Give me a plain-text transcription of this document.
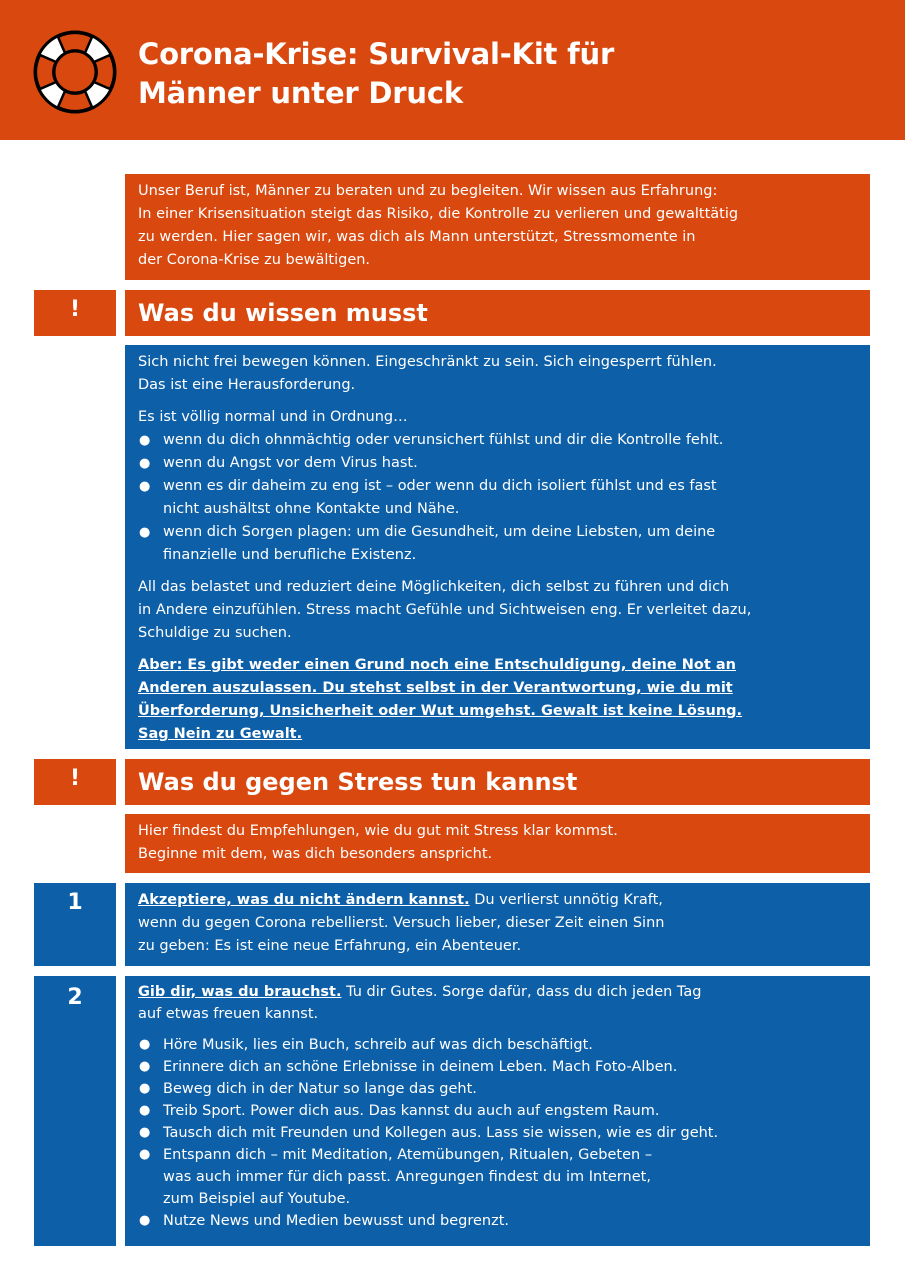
Corona-Krise: Survival-Kit für
Männer unter Druck
Unser Beruf ist, Männer zu beraten und zu begleiten. Wir wissen aus Erfahrung:
In einer Krisensituation steigt das Risiko, die Kontrolle zu verlieren und gewalttätig
zu werden. Hier sagen wir, was dich als Mann unterstützt, Stressmomente in
der Corona-Krise zu bewältigen.
!	Was du wissen musst
Sich nicht frei bewegen können. Eingeschränkt zu sein. Sich eingesperrt fühlen.
Das ist eine Herausforderung.
Es ist völlig normal und in Ordnung…
● wenn du dich ohnmächtig oder verunsichert fühlst und dir die Kontrolle fehlt.
● wenn du Angst vor dem Virus hast.
● wenn es dir daheim zu eng ist – oder wenn du dich isoliert fühlst und es fast
nicht aushältst ohne Kontakte und Nähe.
● wenn dich Sorgen plagen: um die Gesundheit, um deine Liebsten, um deine
finanzielle und berufliche Existenz.
All das belastet und reduziert deine Möglichkeiten, dich selbst zu führen und dich
in Andere einzufühlen. Stress macht Gefühle und Sichtweisen eng. Er verleitet dazu,
Schuldige zu suchen.
Aber: Es gibt weder einen Grund noch eine Entschuldigung, deine Not an
Anderen auszulassen. Du stehst selbst in der Verantwortung, wie du mit
Überforderung, Unsicherheit oder Wut umgehst. Gewalt ist keine Lösung.
Sag Nein zu Gewalt.
!	Was du gegen Stress tun kannst
Hier findest du Empfehlungen, wie du gut mit Stress klar kommst.
Beginne mit dem, was dich besonders anspricht.
1	Akzeptiere, was du nicht ändern kannst. Du verlierst unnötig Kraft,
wenn du gegen Corona rebellierst. Versuch lieber, dieser Zeit einen Sinn
zu geben: Es ist eine neue Erfahrung, ein Abenteuer.
2	Gib dir, was du brauchst. Tu dir Gutes. Sorge dafür, dass du dich jeden Tag
auf etwas freuen kannst.
● Höre Musik, lies ein Buch, schreib auf was dich beschäftigt.
● Erinnere dich an schöne Erlebnisse in deinem Leben. Mach Foto-Alben.
● Beweg dich in der Natur so lange das geht.
● Treib Sport. Power dich aus. Das kannst du auch auf engstem Raum.
● Tausch dich mit Freunden und Kollegen aus. Lass sie wissen, wie es dir geht.
● Entspann dich – mit Meditation, Atemübungen, Ritualen, Gebeten –
was auch immer für dich passt. Anregungen findest du im Internet,
zum Beispiel auf Youtube.
● Nutze News und Medien bewusst und begrenzt.
